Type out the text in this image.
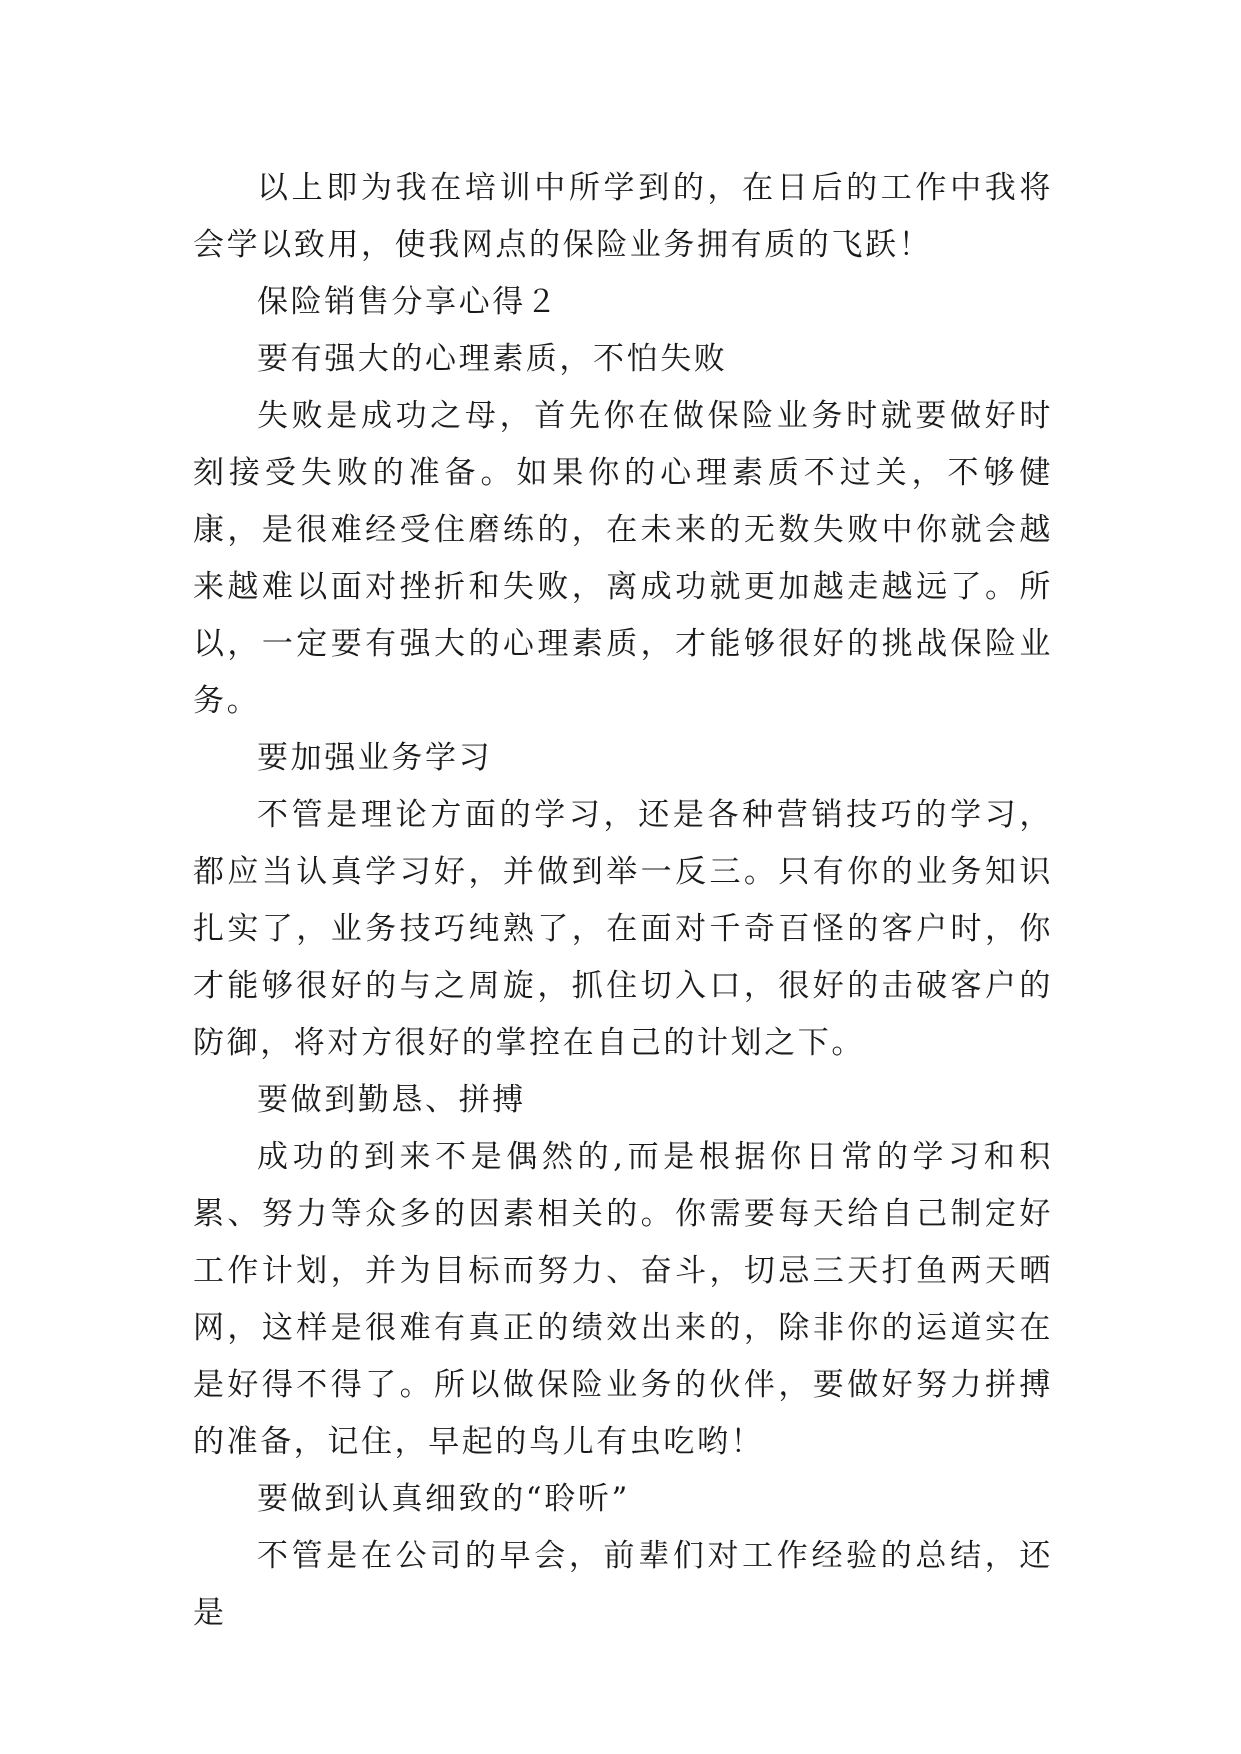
以上即为我在培训中所学到的，在日后的工作中我将会学以致用，使我网点的保险业务拥有质的飞跃！

保险销售分享心得２

要有强大的心理素质，不怕失败

失败是成功之母，首先你在做保险业务时就要做好时刻接受失败的准备。如果你的心理素质不过关，不够健康，是很难经受住磨练的，在未来的无数失败中你就会越来越难以面对挫折和失败，离成功就更加越走越远了。所以，一定要有强大的心理素质，才能够很好的挑战保险业务。

要加强业务学习

不管是理论方面的学习，还是各种营销技巧的学习，都应当认真学习好，并做到举一反三。只有你的业务知识扎实了，业务技巧纯熟了，在面对千奇百怪的客户时，你才能够很好的与之周旋，抓住切入口，很好的击破客户的防御，将对方很好的掌控在自己的计划之下。

要做到勤恳、拼搏

成功的到来不是偶然的,而是根据你日常的学习和积累、努力等众多的因素相关的。你需要每天给自己制定好工作计划，并为目标而努力、奋斗，切忌三天打鱼两天晒网，这样是很难有真正的绩效出来的，除非你的运道实在是好得不得了。所以做保险业务的伙伴，要做好努力拼搏的准备，记住，早起的鸟儿有虫吃哟！

要做到认真细致的“聆听”

不管是在公司的早会，前辈们对工作经验的总结，还是
